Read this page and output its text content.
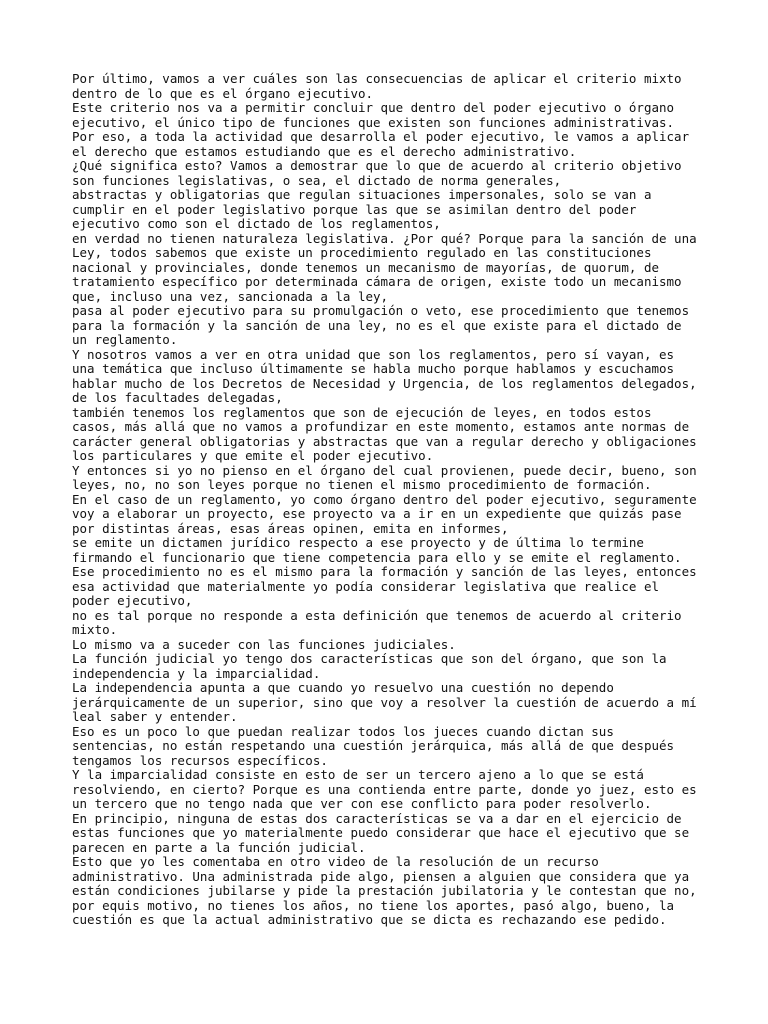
Por último, vamos a ver cuáles son las consecuencias de aplicar el criterio mixto
dentro de lo que es el órgano ejecutivo.

Este criterio nos va a permitir concluir que dentro del poder ejecutivo o órgano
ejecutivo, el único tipo de funciones que existen son funciones administrativas.

Por eso, a toda la actividad que desarrolla el poder ejecutivo, le vamos a aplicar
el derecho que estamos estudiando que es el derecho administrativo.

¿Qué significa esto? Vamos a demostrar que lo que de acuerdo al criterio objetivo
son funciones legislativas, o sea, el dictado de norma generales,

abstractas y obligatorias que regulan situaciones impersonales, solo se van a
cumplir en el poder legislativo porque las que se asimilan dentro del poder
ejecutivo como son el dictado de los reglamentos,

en verdad no tienen naturaleza legislativa. ¿Por qué? Porque para la sanción de una
Ley, todos sabemos que existe un procedimiento regulado en las constituciones
nacional y provinciales, donde tenemos un mecanismo de mayorías, de quorum, de
tratamiento específico por determinada cámara de origen, existe todo un mecanismo
que, incluso una vez, sancionada a la ley,

pasa al poder ejecutivo para su promulgación o veto, ese procedimiento que tenemos
para la formación y la sanción de una ley, no es el que existe para el dictado de
un reglamento.

Y nosotros vamos a ver en otra unidad que son los reglamentos, pero sí vayan, es
una temática que incluso últimamente se habla mucho porque hablamos y escuchamos
hablar mucho de los Decretos de Necesidad y Urgencia, de los reglamentos delegados,
de los facultades delegadas,

también tenemos los reglamentos que son de ejecución de leyes, en todos estos
casos, más allá que no vamos a profundizar en este momento, estamos ante normas de
carácter general obligatorias y abstractas que van a regular derecho y obligaciones
los particulares y que emite el poder ejecutivo.

Y entonces si yo no pienso en el órgano del cual provienen, puede decir, bueno, son
leyes, no, no son leyes porque no tienen el mismo procedimiento de formación.

En el caso de un reglamento, yo como órgano dentro del poder ejecutivo, seguramente
voy a elaborar un proyecto, ese proyecto va a ir en un expediente que quizás pase
por distintas áreas, esas áreas opinen, emita en informes,

se emite un dictamen jurídico respecto a ese proyecto y de última lo termine
firmando el funcionario que tiene competencia para ello y se emite el reglamento.

Ese procedimiento no es el mismo para la formación y sanción de las leyes, entonces
esa actividad que materialmente yo podía considerar legislativa que realice el
poder ejecutivo,

no es tal porque no responde a esta definición que tenemos de acuerdo al criterio
mixto.

Lo mismo va a suceder con las funciones judiciales.

La función judicial yo tengo dos características que son del órgano, que son la
independencia y la imparcialidad.

La independencia apunta a que cuando yo resuelvo una cuestión no dependo
jerárquicamente de un superior, sino que voy a resolver la cuestión de acuerdo a mí
leal saber y entender.

Eso es un poco lo que puedan realizar todos los jueces cuando dictan sus
sentencias, no están respetando una cuestión jerárquica, más allá de que después
tengamos los recursos específicos.

Y la imparcialidad consiste en esto de ser un tercero ajeno a lo que se está
resolviendo, en cierto? Porque es una contienda entre parte, donde yo juez, esto es
un tercero que no tengo nada que ver con ese conflicto para poder resolverlo.

En principio, ninguna de estas dos características se va a dar en el ejercicio de
estas funciones que yo materialmente puedo considerar que hace el ejecutivo que se
parecen en parte a la función judicial.

Esto que yo les comentaba en otro video de la resolución de un recurso
administrativo. Una administrada pide algo, piensen a alguien que considera que ya
están condiciones jubilarse y pide la prestación jubilatoria y le contestan que no,
por equis motivo, no tienes los años, no tiene los aportes, pasó algo, bueno, la
cuestión es que la actual administrativo que se dicta es rechazando ese pedido.
